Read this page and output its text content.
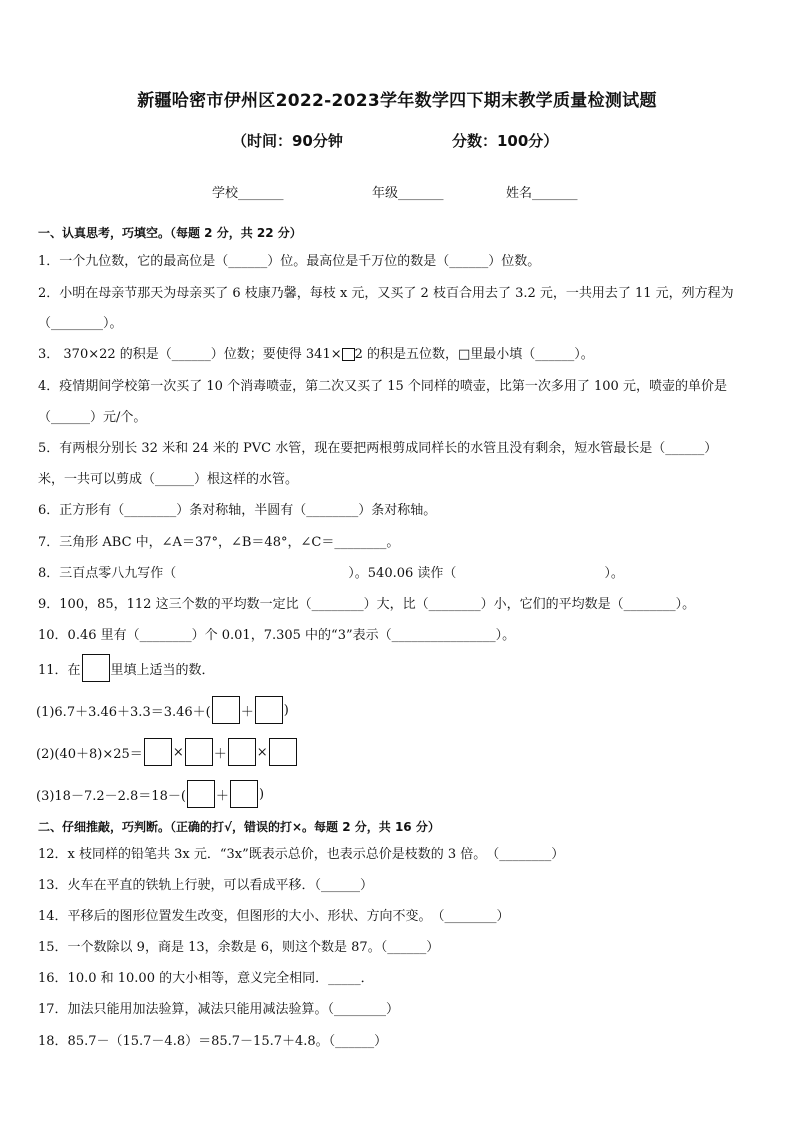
新疆哈密市伊州区2022-2023学年数学四下期末教学质量检测试题
（时间：90分钟	分数：100分）
学校_______	年级_______	姓名_______
一、认真思考，巧填空。（每题 2 分，共 22 分）
1．一个九位数，它的最高位是（______）位。最高位是千万位的数是（______）位数。
2．小明在母亲节那天为母亲买了 6 枝康乃馨，每枝 x 元，又买了 2 枝百合用去了 3.2 元，一共用去了 11 元，列方程为
（________）。
3． 370×22 的积是（______）位数；要使得 341× 2 的积是五位数，□里最小填（______）。
4．疫情期间学校第一次买了 10 个消毒喷壶，第二次又买了 15 个同样的喷壶，比第一次多用了 100 元，喷壶的单价是
（______）元/个。
5．有两根分别长 32 米和 24 米的 PVC 水管，现在要把两根剪成同样长的水管且没有剩余，短水管最长是（______）
米，一共可以剪成（______）根这样的水管。
6．正方形有（________）条对称轴，半圆有（________）条对称轴。
7．三角形 ABC 中，∠A＝37°，∠B＝48°，∠C＝________。
8．三百点零八九写作（	）。540.06 读作（	）。
9．100，85，112 这三个数的平均数一定比（________）大，比（________）小，它们的平均数是（________）。
10．0.46 里有（________）个 0.01，7.305 中的“3”表示（________________）。
11．在 里填上适当的数．
(1)6.7＋3.46＋3.3＝3.46＋( ＋ )
(2)(40＋8)×25＝ × ＋ ×
(3)18－7.2－2.8＝18－( ＋ )
二、仔细推敲，巧判断。（正确的打√，错误的打×。每题 2 分，共 16 分）
12．x 枝同样的铅笔共 3x 元．“3x”既表示总价，也表示总价是枝数的 3 倍。　（________）
13．火车在平直的铁轨上行驶，可以看成平移．（______）
14．平移后的图形位置发生改变，但图形的大小、形状、方向不变。　（________）
15．一个数除以 9，商是 13，余数是 6，则这个数是 87。（______）
16．10.0 和 10.00 的大小相等，意义完全相同．_____．
17．加法只能用加法验算，减法只能用减法验算。（________）
18．85.7－（15.7－4.8）＝85.7－15.7＋4.8。（______）
